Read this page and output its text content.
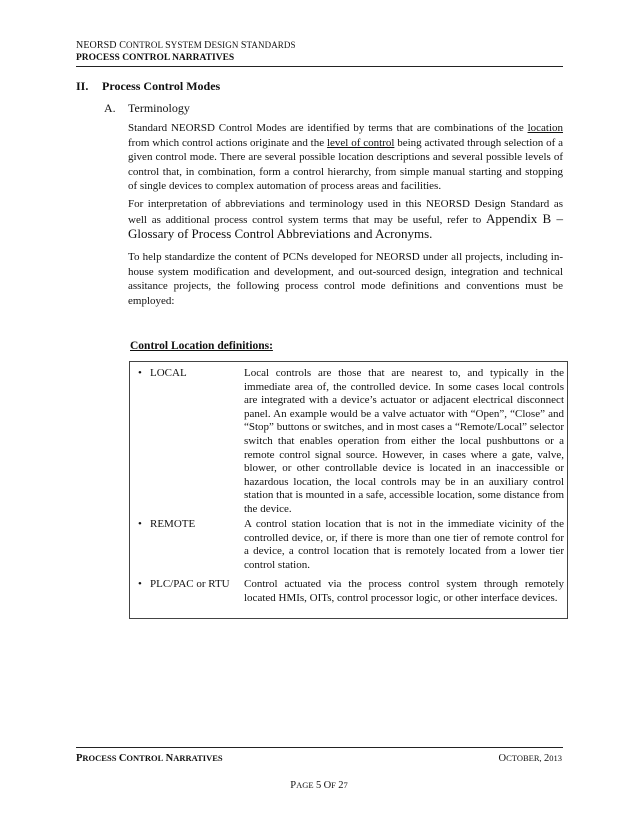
NEORSD CONTROL SYSTEM DESIGN STANDARDS
PROCESS CONTROL NARRATIVES
II. Process Control Modes
A. Terminology
Standard NEORSD Control Modes are identified by terms that are combinations of the location from which control actions originate and the level of control being activated through selection of a given control mode. There are several possible location descriptions and several possible levels of control that, in combination, form a control hierarchy, from simple manual starting and stopping of single devices to complex automation of process areas and facilities.
For interpretation of abbreviations and terminology used in this NEORSD Design Standard as well as additional process control system terms that may be useful, refer to Appendix B – Glossary of Process Control Abbreviations and Acronyms.
To help standardize the content of PCNs developed for NEORSD under all projects, including in-house system modification and development, and out-sourced design, integration and technical assitance projects, the following process control mode definitions and conventions must be employed:
Control Location definitions:
• LOCAL	Local controls are those that are nearest to, and typically in the immediate area of, the controlled device. In some cases local controls are integrated with a device’s actuator or adjacent electrical disconnect panel. An example would be a valve actuator with “Open”, “Close” and “Stop” buttons or switches, and in most cases a “Remote/Local” selector switch that enables operation from either the local pushbuttons or a remote control signal source. However, in cases where a gate, valve, blower, or other controllable device is located in an inaccessible or hazardous location, the local controls may be in an auxiliary control station that is mounted in a safe, accessible location, some distance from the device.
• REMOTE	A control station location that is not in the immediate vicinity of the controlled device, or, if there is more than one tier of remote control for a device, a control location that is remotely located from a lower tier control station.
• PLC/PAC or RTU	Control actuated via the process control system through remotely located HMIs, OITs, control processor logic, or other interface devices.
PROCESS CONTROL NARRATIVES	OCTOBER, 2013
PAGE 5 OF 27
